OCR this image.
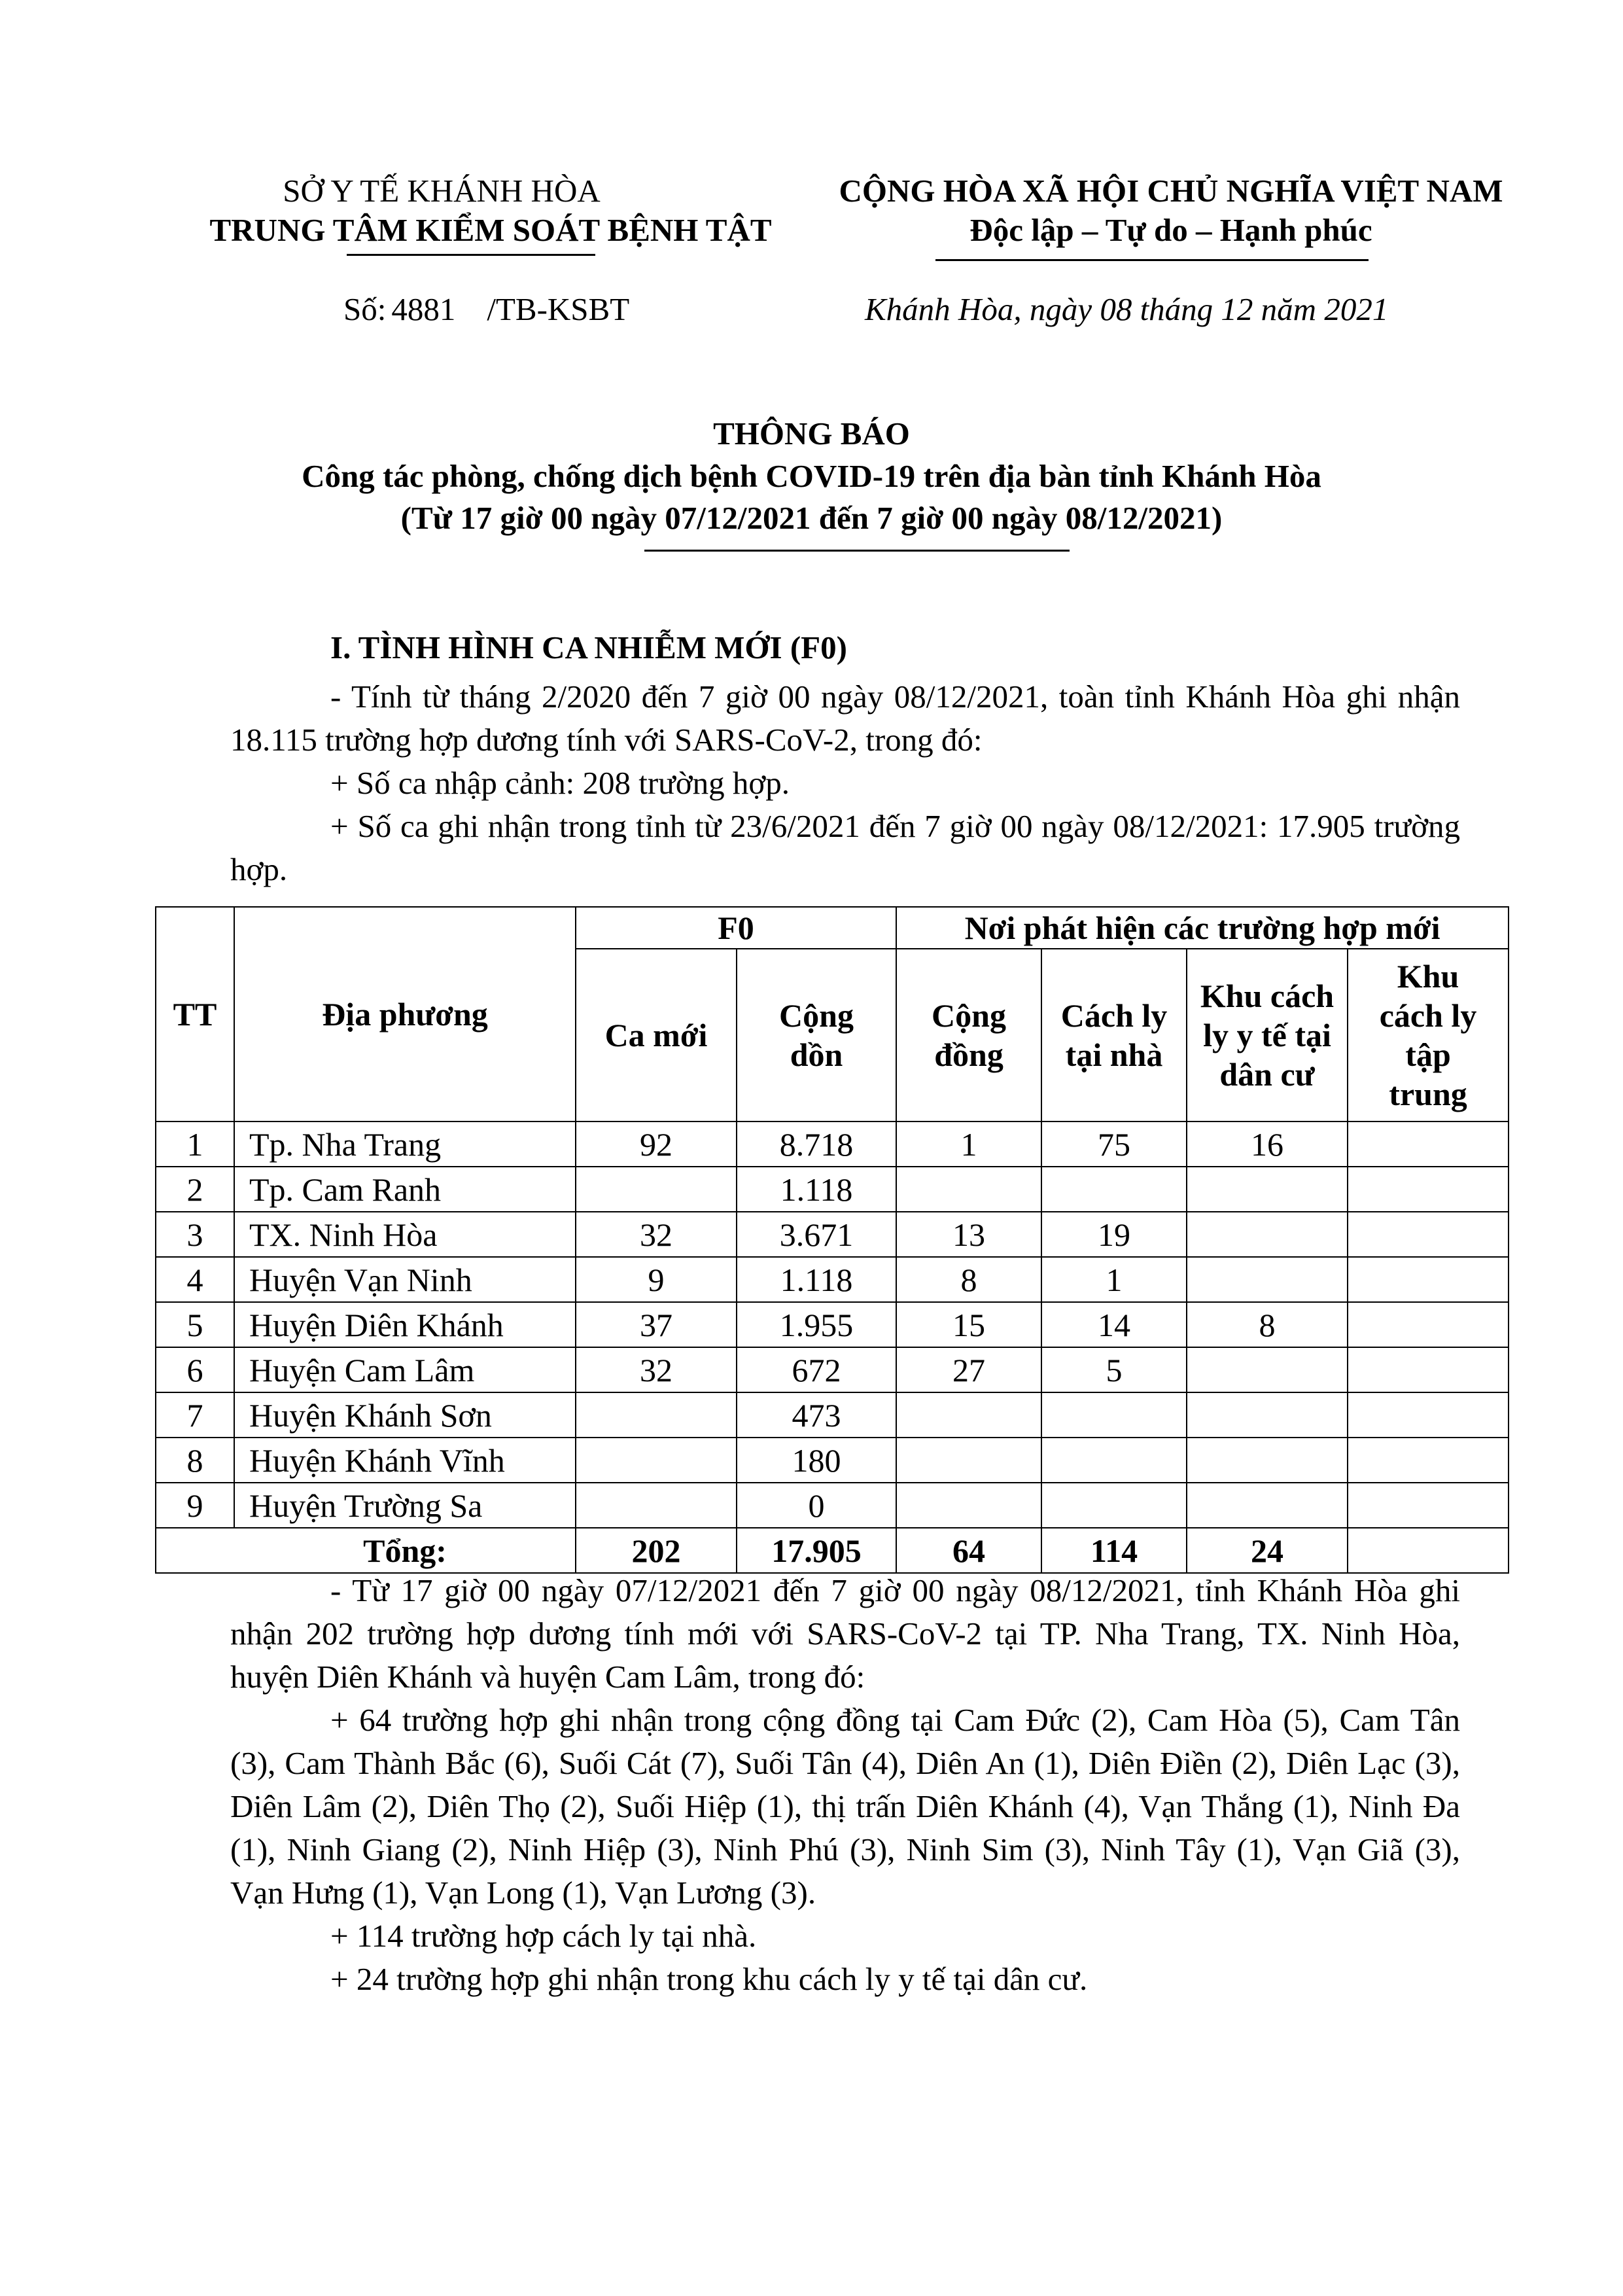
SỞ Y TẾ KHÁNH HÒA
TRUNG TÂM KIỂM SOÁT BỆNH TẬT
CỘNG HÒA XÃ HỘI CHỦ NGHĨA VIỆT NAM
Độc lập – Tự do – Hạnh phúc
Số: 4881 /TB-KSBT	Khánh Hòa, ngày 08 tháng 12 năm 2021
THÔNG BÁO
Công tác phòng, chống dịch bệnh COVID-19 trên địa bàn tỉnh Khánh Hòa
(Từ 17 giờ 00 ngày 07/12/2021 đến 7 giờ 00 ngày 08/12/2021)
I. TÌNH HÌNH CA NHIỄM MỚI (F0)

- Tính từ tháng 2/2020 đến 7 giờ 00 ngày 08/12/2021, toàn tỉnh Khánh Hòa ghi nhận 18.115 trường hợp dương tính với SARS-CoV-2, trong đó:

+ Số ca nhập cảnh: 208 trường hợp.

+ Số ca ghi nhận trong tỉnh từ 23/6/2021 đến 7 giờ 00 ngày 08/12/2021: 17.905 trường hợp.

TT	Địa phương	F0		Nơi phát hiện các trường hợp mới			
		Ca mới	Cộng dồn	Cộng đồng	Cách ly tại nhà	Khu cách ly y tế tại dân cư	Khu cách ly tập trung
1	Tp. Nha Trang	92	8.718	1	75	16	
2	Tp. Cam Ranh		1.118				
3	TX. Ninh Hòa	32	3.671	13	19		
4	Huyện Vạn Ninh	9	1.118	8	1		
5	Huyện Diên Khánh	37	1.955	15	14	8	
6	Huyện Cam Lâm	32	672	27	5		
7	Huyện Khánh Sơn		473				
8	Huyện Khánh Vĩnh		180				
9	Huyện Trường Sa		0				
	Tổng:	202	17.905	64	114	24	

- Từ 17 giờ 00 ngày 07/12/2021 đến 7 giờ 00 ngày 08/12/2021, tỉnh Khánh Hòa ghi nhận 202 trường hợp dương tính mới với SARS-CoV-2 tại TP. Nha Trang, TX. Ninh Hòa, huyện Diên Khánh và huyện Cam Lâm, trong đó:

+ 64 trường hợp ghi nhận trong cộng đồng tại Cam Đức (2), Cam Hòa (5), Cam Tân (3), Cam Thành Bắc (6), Suối Cát (7), Suối Tân (4), Diên An (1), Diên Điền (2), Diên Lạc (3), Diên Lâm (2), Diên Thọ (2), Suối Hiệp (1), thị trấn Diên Khánh (4), Vạn Thắng (1), Ninh Đa (1), Ninh Giang (2), Ninh Hiệp (3), Ninh Phú (3), Ninh Sim (3), Ninh Tây (1), Vạn Giã (3), Vạn Hưng (1), Vạn Long (1), Vạn Lương (3).

+ 114 trường hợp cách ly tại nhà.

+ 24 trường hợp ghi nhận trong khu cách ly y tế tại dân cư.
